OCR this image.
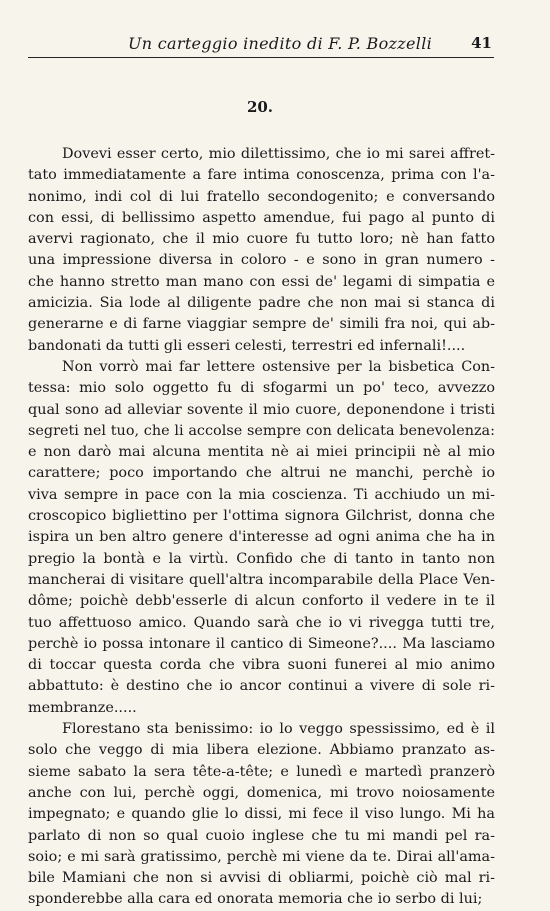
Un carteggio inedito di F. P. Bozzelli	41
20.
Dovevi esser certo, mio dilettissimo, che io mi sarei affret-
tato immediatamente a fare intima conoscenza, prima con l'a-
nonimo, indi col di lui fratello secondogenito; e conversando
con essi, di bellissimo aspetto amendue, fui pago al punto di
avervi ragionato, che il mio cuore fu tutto loro; nè han fatto
una impressione diversa in coloro - e sono in gran numero -
che hanno stretto man mano con essi de' legami di simpatia e
amicizia. Sia lode al diligente padre che non mai si stanca di
generarne e di farne viaggiar sempre de' simili fra noi, qui ab-
bandonati da tutti gli esseri celesti, terrestri ed infernali!....
Non vorrò mai far lettere ostensive per la bisbetica Con-
tessa: mio solo oggetto fu di sfogarmi un po' teco, avvezzo
qual sono ad alleviar sovente il mio cuore, deponendone i tristi
segreti nel tuo, che li accolse sempre con delicata benevolenza:
e non darò mai alcuna mentita nè ai miei principii nè al mio
carattere; poco importando che altrui ne manchi, perchè io
viva sempre in pace con la mia coscienza. Ti acchiudo un mi-
croscopico bigliettino per l'ottima signora Gilchrist, donna che
ispira un ben altro genere d'interesse ad ogni anima che ha in
pregio la bontà e la virtù. Confido che di tanto in tanto non
mancherai di visitare quell'altra incomparabile della Place Ven-
dôme; poichè debb'esserle di alcun conforto il vedere in te il
tuo affettuoso amico. Quando sarà che io vi rivegga tutti tre,
perchè io possa intonare il cantico di Simeone?.... Ma lasciamo
di toccar questa corda che vibra suoni funerei al mio animo
abbattuto: è destino che io ancor continui a vivere di sole ri-
membranze.....
Florestano sta benissimo: io lo veggo spessissimo, ed è il
solo che veggo di mia libera elezione. Abbiamo pranzato as-
sieme sabato la sera tête-a-tête; e lunedì e martedì pranzerò
anche con lui, perchè oggi, domenica, mi trovo noiosamente
impegnato; e quando glie lo dissi, mi fece il viso lungo. Mi ha
parlato di non so qual cuoio inglese che tu mi mandi pel ra-
soio; e mi sarà gratissimo, perchè mi viene da te. Dirai all'ama-
bile Mamiani che non si avvisi di obliarmi, poichè ciò mal ri-
sponderebbe alla cara ed onorata memoria che io serbo di lui;
